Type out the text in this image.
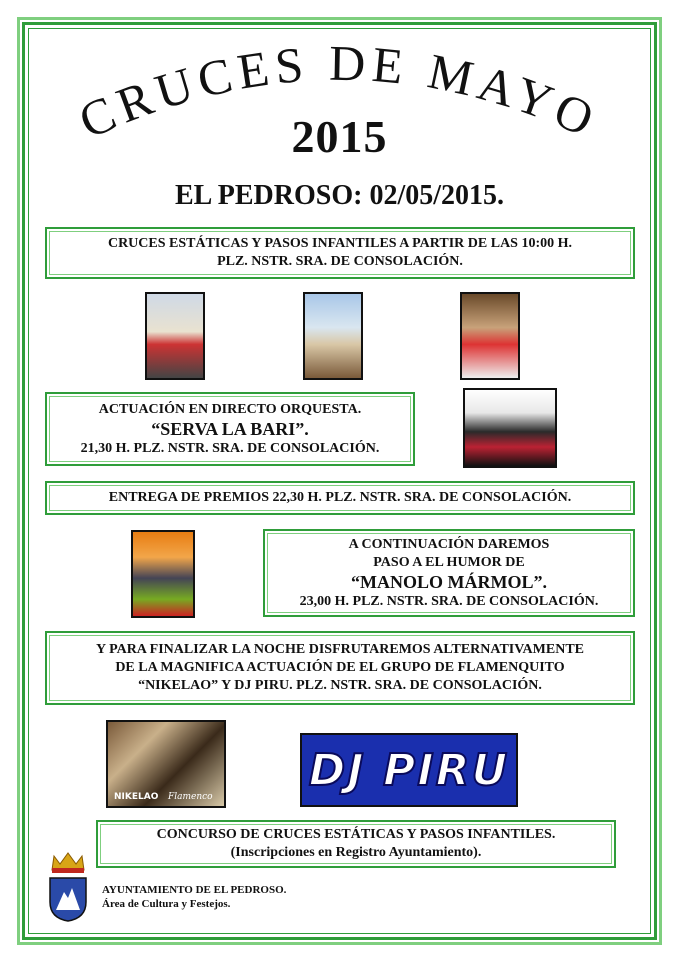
CRUCES DE MAYO
2015
EL PEDROSO: 02/05/2015.
CRUCES ESTÁTICAS Y PASOS INFANTILES A PARTIR DE LAS 10:00 H.
PLZ. NSTR. SRA. DE CONSOLACIÓN.
ACTUACIÓN EN DIRECTO ORQUESTA.
“SERVA LA BARI”.
21,30 H. PLZ. NSTR. SRA. DE CONSOLACIÓN.
ENTREGA DE PREMIOS 22,30 H. PLZ. NSTR. SRA. DE CONSOLACIÓN.
A CONTINUACIÓN DAREMOS
PASO A EL HUMOR DE
“MANOLO MÁRMOL”.
23,00 H. PLZ. NSTR. SRA. DE CONSOLACIÓN.
Y PARA FINALIZAR LA NOCHE DISFRUTAREMOS ALTERNATIVAMENTE
DE LA MAGNIFICA ACTUACIÓN DE EL GRUPO DE FLAMENQUITO
“NIKELAO” Y DJ PIRU. PLZ. NSTR. SRA. DE CONSOLACIÓN.
NIKELAO Flamenco
DJ PIRU
CONCURSO DE CRUCES ESTÁTICAS Y PASOS INFANTILES.
(Inscripciones en Registro Ayuntamiento).
AYUNTAMIENTO DE EL PEDROSO.
Área de Cultura y Festejos.
